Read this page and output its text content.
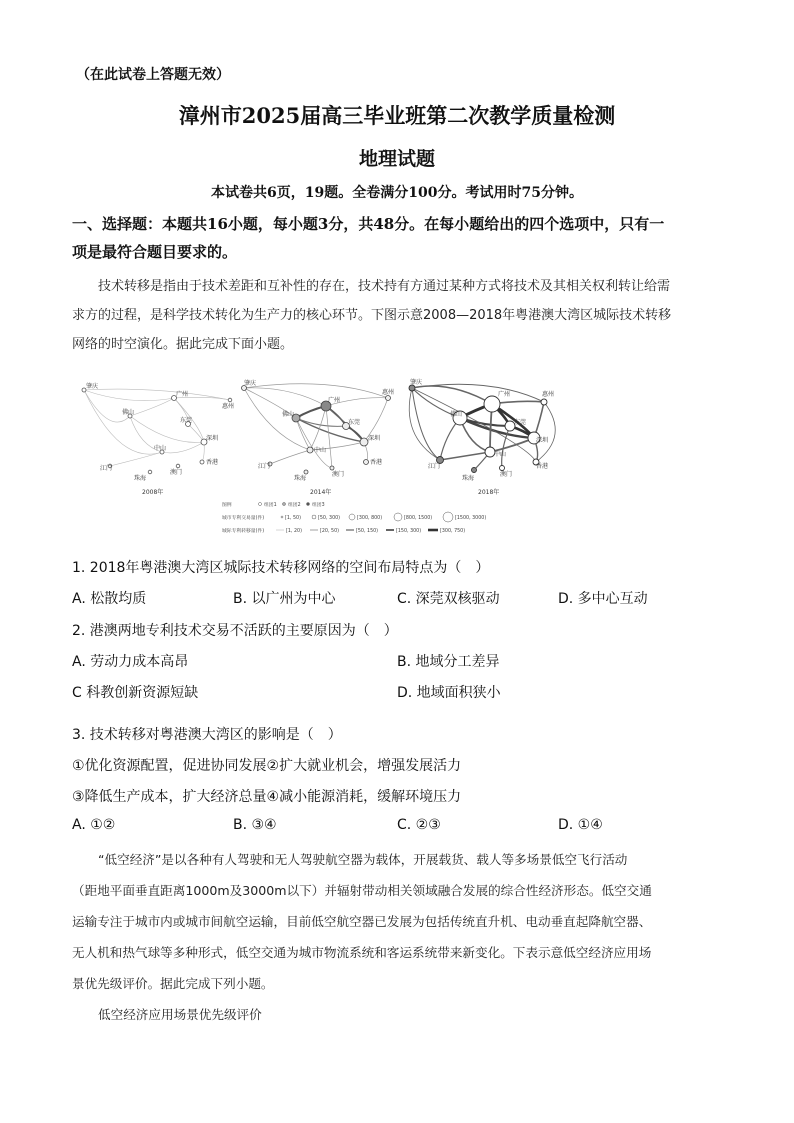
（在此试卷上答题无效）
漳州市2025届高三毕业班第二次教学质量检测
地理试题
本试卷共6页，19题。全卷满分100分。考试用时75分钟。
一、选择题：本题共16小题，每小题3分，共48分。在每小题给出的四个选项中，只有一
项是最符合题目要求的。
技术转移是指由于技术差距和互补性的存在，技术持有方通过某种方式将技术及其相关权利转让给需
求方的过程，是科学技术转化为生产力的核心环节。下图示意2008—2018年粤港澳大湾区城际技术转移
网络的时空演化。据此完成下面小题。
肇庆
广州
惠州
佛山
东莞
深圳
中山
江门
珠海
澳门
香港
2008年
肇庆
广州
惠州
佛山
东莞
深圳
中山
江门
珠海
澳门
香港
2014年
肇庆
广州	惠州
佛山
东莞
深圳
中山
江门
珠海
澳门
香港
2018年
图例	组团1 组团2 组团3
城市专利交易量(件)	[1, 50)	[50, 300)	[300, 800)	[800, 1500)	[1500, 3000)
城际专利转移量(件)	[1, 20)	[20, 50)	[50, 150)	[150, 300)	[300, 750)
1. 2018年粤港澳大湾区城际技术转移网络的空间布局特点为（　）
A. 松散均质	B. 以广州为中心	C. 深莞双核驱动	D. 多中心互动
2. 港澳两地专利技术交易不活跃的主要原因为（　）
A. 劳动力成本高昂	B. 地域分工差异
C 科教创新资源短缺	D. 地域面积狭小
3. 技术转移对粤港澳大湾区的影响是（　）
①优化资源配置，促进协同发展②扩大就业机会，增强发展活力
③降低生产成本，扩大经济总量④减小能源消耗，缓解环境压力
A. ①②	B. ③④	C. ②③	D. ①④
“低空经济”是以各种有人驾驶和无人驾驶航空器为载体，开展载货、载人等多场景低空飞行活动
（距地平面垂直距离1000m及3000m以下）并辐射带动相关领域融合发展的综合性经济形态。低空交通
运输专注于城市内或城市间航空运输，目前低空航空器已发展为包括传统直升机、电动垂直起降航空器、
无人机和热气球等多种形式，低空交通为城市物流系统和客运系统带来新变化。下表示意低空经济应用场
景优先级评价。据此完成下列小题。
低空经济应用场景优先级评价
